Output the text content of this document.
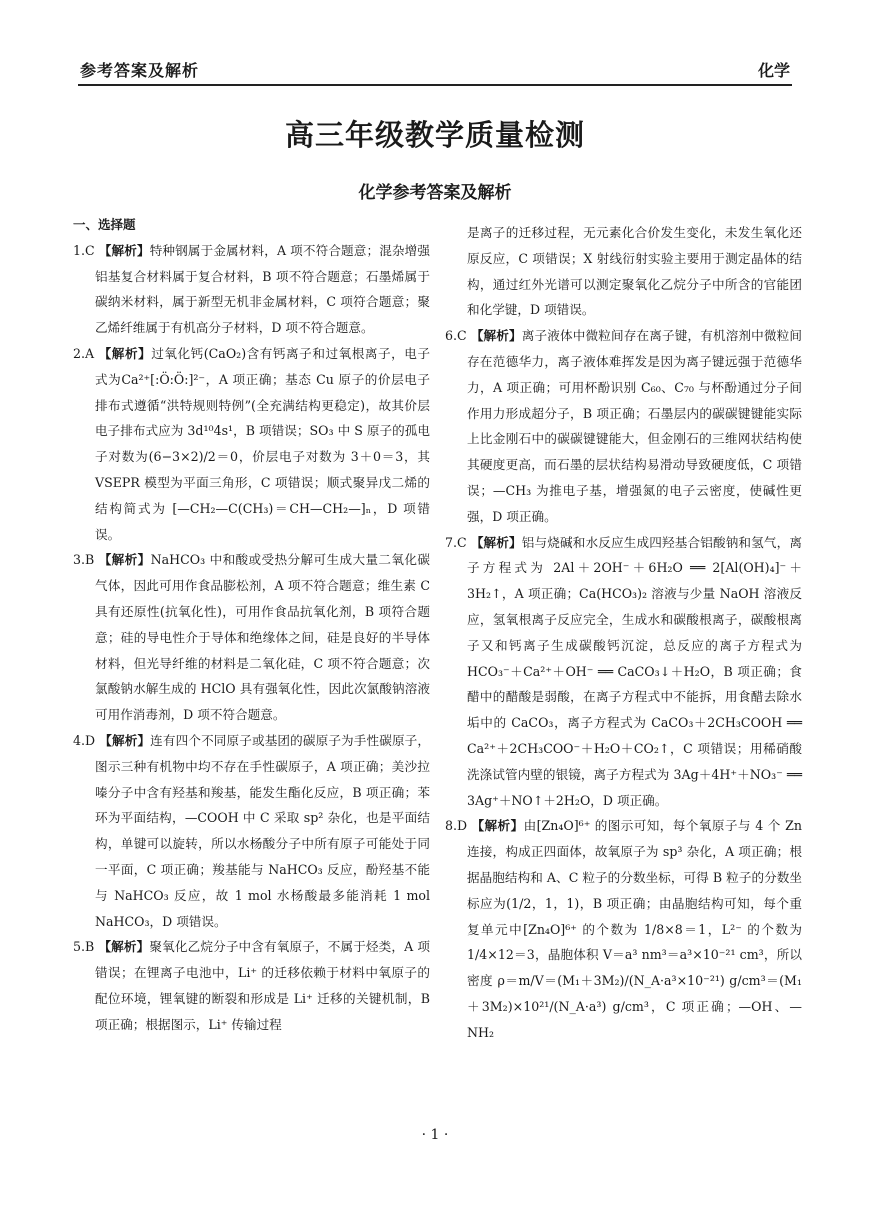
参考答案及解析	化学
高三年级教学质量检测
化学参考答案及解析
一、选择题

1.C 【解析】特种钢属于金属材料，A 项不符合题意；混杂增强铝基复合材料属于复合材料，B 项不符合题意；石墨烯属于碳纳米材料，属于新型无机非金属材料，C 项符合题意；聚乙烯纤维属于有机高分子材料，D 项不符合题意。

2.A 【解析】过氧化钙(CaO₂)含有钙离子和过氧根离子，电子式为Ca²⁺[:Ö:Ö:]²⁻，A 项正确；基态 Cu 原子的价层电子排布式遵循“洪特规则特例”(全充满结构更稳定)，故其价层电子排布式应为 3d¹⁰4s¹，B 项错误；SO₃ 中 S 原子的孤电子对数为(6−3×2)/2＝0，价层电子对数为 3＋0＝3，其 VSEPR 模型为平面三角形，C 项错误；顺式聚异戊二烯的结构简式为 [—CH₂—C(CH₃)＝CH—CH₂—]ₙ，D 项错误。

3.B 【解析】NaHCO₃ 中和酸或受热分解可生成大量二氧化碳气体，因此可用作食品膨松剂，A 项不符合题意；维生素 C 具有还原性(抗氧化性)，可用作食品抗氧化剂，B 项符合题意；硅的导电性介于导体和绝缘体之间，硅是良好的半导体材料，但光导纤维的材料是二氧化硅，C 项不符合题意；次氯酸钠水解生成的 HClO 具有强氧化性，因此次氯酸钠溶液可用作消毒剂，D 项不符合题意。

4.D 【解析】连有四个不同原子或基团的碳原子为手性碳原子，图示三种有机物中均不存在手性碳原子，A 项正确；美沙拉嗪分子中含有羟基和羧基，能发生酯化反应，B 项正确；苯环为平面结构，—COOH 中 C 采取 sp² 杂化，也是平面结构，单键可以旋转，所以水杨酸分子中所有原子可能处于同一平面，C 项正确；羧基能与 NaHCO₃ 反应，酚羟基不能与 NaHCO₃ 反应，故 1 mol 水杨酸最多能消耗 1 mol NaHCO₃，D 项错误。

5.B 【解析】聚氧化乙烷分子中含有氧原子，不属于烃类，A 项错误；在锂离子电池中，Li⁺ 的迁移依赖于材料中氧原子的配位环境，锂氧键的断裂和形成是 Li⁺ 迁移的关键机制，B 项正确；根据图示，Li⁺ 传输过程

是离子的迁移过程，无元素化合价发生变化，未发生氧化还原反应，C 项错误；X 射线衍射实验主要用于测定晶体的结构，通过红外光谱可以测定聚氧化乙烷分子中所含的官能团和化学键，D 项错误。

6.C 【解析】离子液体中微粒间存在离子键，有机溶剂中微粒间存在范德华力，离子液体难挥发是因为离子键远强于范德华力，A 项正确；可用杯酚识别 C₆₀、C₇₀ 与杯酚通过分子间作用力形成超分子，B 项正确；石墨层内的碳碳键键能实际上比金刚石中的碳碳键键能大，但金刚石的三维网状结构使其硬度更高，而石墨的层状结构易滑动导致硬度低，C 项错误；—CH₃ 为推电子基，增强氮的电子云密度，使碱性更强，D 项正确。

7.C 【解析】铝与烧碱和水反应生成四羟基合铝酸钠和氢气，离子方程式为 2Al＋2OH⁻＋6H₂O ══ 2[Al(OH)₄]⁻＋3H₂↑，A 项正确；Ca(HCO₃)₂ 溶液与少量 NaOH 溶液反应，氢氧根离子反应完全，生成水和碳酸根离子，碳酸根离子又和钙离子生成碳酸钙沉淀，总反应的离子方程式为 HCO₃⁻＋Ca²⁺＋OH⁻ ══ CaCO₃↓＋H₂O，B 项正确；食醋中的醋酸是弱酸，在离子方程式中不能拆，用食醋去除水垢中的 CaCO₃，离子方程式为 CaCO₃＋2CH₃COOH ══ Ca²⁺＋2CH₃COO⁻＋H₂O＋CO₂↑，C 项错误；用稀硝酸洗涤试管内壁的银镜，离子方程式为 3Ag＋4H⁺＋NO₃⁻ ══ 3Ag⁺＋NO↑＋2H₂O，D 项正确。

8.D 【解析】由[Zn₄O]⁶⁺ 的图示可知，每个氧原子与 4 个 Zn 连接，构成正四面体，故氧原子为 sp³ 杂化，A 项正确；根据晶胞结构和 A、C 粒子的分数坐标，可得 B 粒子的分数坐标应为(1/2，1，1)，B 项正确；由晶胞结构可知，每个重复单元中[Zn₄O]⁶⁺ 的个数为 1/8×8＝1，L²⁻ 的个数为 1/4×12＝3，晶胞体积 V＝a³ nm³＝a³×10⁻²¹ cm³，所以密度 ρ＝m/V＝(M₁＋3M₂)/(N_A·a³×10⁻²¹) g/cm³＝(M₁＋3M₂)×10²¹/(N_A·a³) g/cm³，C 项正确；—OH、—NH₂

· 1 ·
